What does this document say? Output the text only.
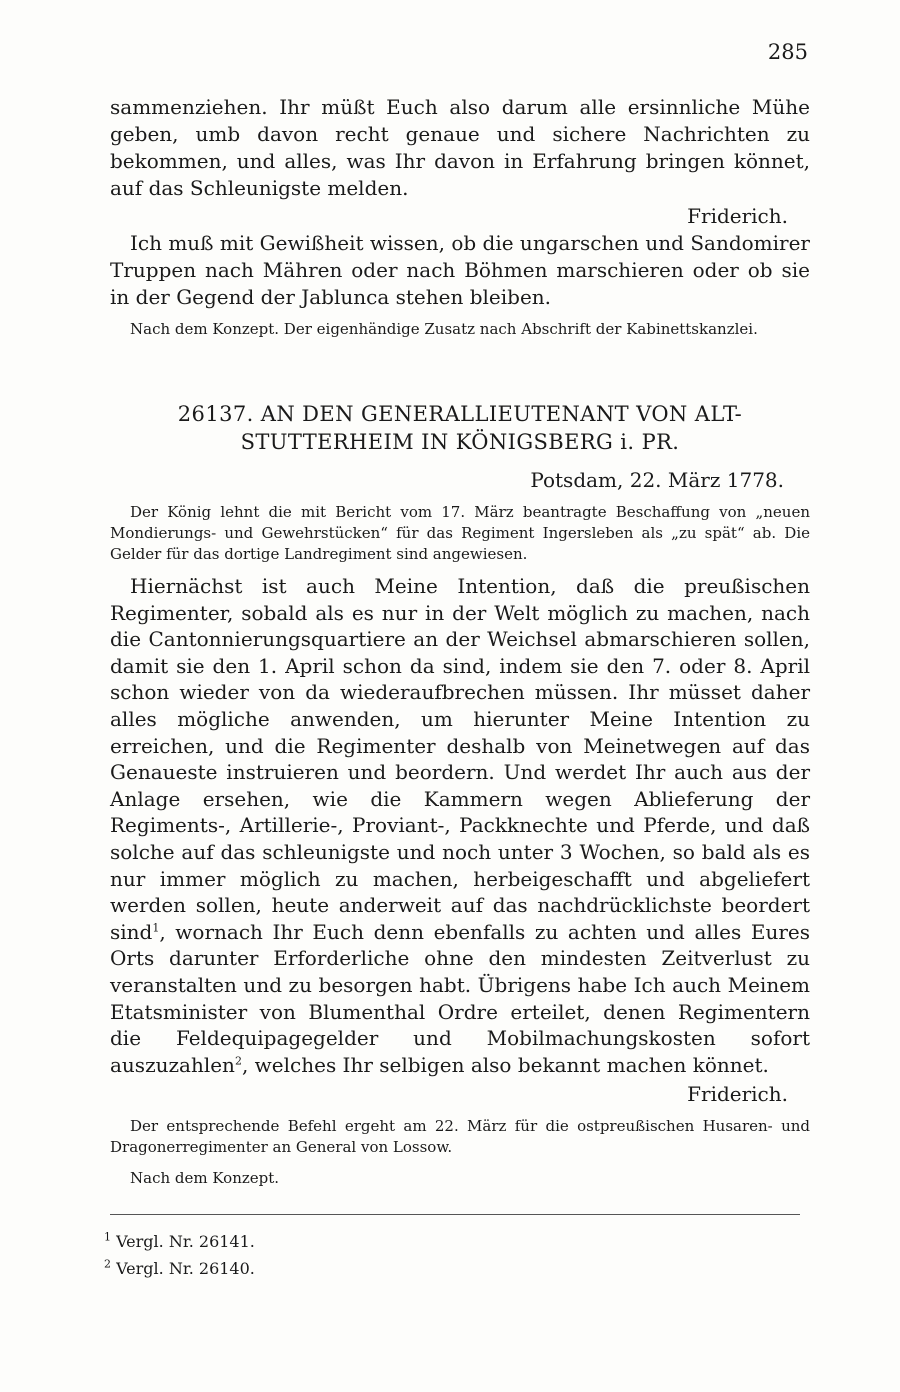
285

sammenziehen. Ihr müßt Euch also darum alle ersinnliche Mühe geben, umb davon recht genaue und sichere Nachrichten zu bekommen, und alles, was Ihr davon in Erfahrung bringen könnet, auf das Schleunigste melden.

Friderich.

Ich muß mit Gewißheit wissen, ob die ungarschen und Sandomirer Truppen nach Mähren oder nach Böhmen marschieren oder ob sie in der Gegend der Jablunca stehen bleiben.

Nach dem Konzept. Der eigenhändige Zusatz nach Abschrift der Kabinettskanzlei.

26137. AN DEN GENERALLIEUTENANT VON ALT-STUTTERHEIM IN KÖNIGSBERG i. PR.

Potsdam, 22. März 1778.

Der König lehnt die mit Bericht vom 17. März beantragte Beschaffung von „neuen Mondierungs- und Gewehrstücken“ für das Regiment Ingersleben als „zu spät“ ab. Die Gelder für das dortige Landregiment sind angewiesen.

Hiernächst ist auch Meine Intention, daß die preußischen Regimenter, sobald als es nur in der Welt möglich zu machen, nach die Cantonnierungsquartiere an der Weichsel abmarschieren sollen, damit sie den 1. April schon da sind, indem sie den 7. oder 8. April schon wieder von da wiederaufbrechen müssen. Ihr müsset daher alles mögliche anwenden, um hierunter Meine Intention zu erreichen, und die Regimenter deshalb von Meinetwegen auf das Genaueste instruieren und beordern. Und werdet Ihr auch aus der Anlage ersehen, wie die Kammern wegen Ablieferung der Regiments-, Artillerie-, Proviant-, Packknechte und Pferde, und daß solche auf das schleunigste und noch unter 3 Wochen, so bald als es nur immer möglich zu machen, herbeigeschafft und abgeliefert werden sollen, heute anderweit auf das nachdrücklichste beordert sind$^1$, wornach Ihr Euch denn ebenfalls zu achten und alles Eures Orts darunter Erforderliche ohne den mindesten Zeitverlust zu veranstalten und zu besorgen habt. Übrigens habe Ich auch Meinem Etatsminister von Blumenthal Ordre erteilet, denen Regimentern die Feldequipagegelder und Mobilmachungskosten sofort auszuzahlen$^2$, welches Ihr selbigen also bekannt machen könnet.

Friderich.

Der entsprechende Befehl ergeht am 22. März für die ostpreußischen Husaren- und Dragonerregimenter an General von Lossow.

Nach dem Konzept.

$^1$ Vergl. Nr. 26141.
$^2$ Vergl. Nr. 26140.
